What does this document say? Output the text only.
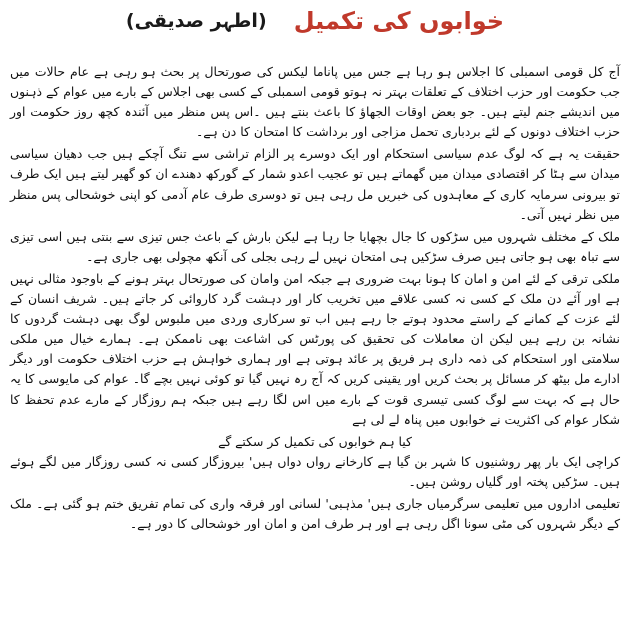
خوابوں کی تکمیل (اطہر صدیقی)

آج کل قومی اسمبلی کا اجلاس ہو رہا ہے جس میں پاناما لیکس کی صورتحال پر بحث ہو رہی ہے عام حالات میں جب حکومت اور حزب اختلاف کے تعلقات بہتر نہ ہوتو قومی اسمبلی کے کسی بھی اجلاس کے بارے میں عوام کے ذہنوں میں اندیشے جنم لیتے ہیں۔ جو بعض اوقات الجھاؤ کا باعث بنتے ہیں ۔اس پس منظر میں آئندہ کچھ روز حکومت اور حزب اختلاف دونوں کے لئے بردباری تحمل مزاجی اور برداشت کا امتحان کا دن ہے۔

حقیقت یہ ہے کہ لوگ عدم سیاسی استحکام اور ایک دوسرے پر الزام تراشی سے تنگ آچکے ہیں جب دھیان سیاسی میدان سے ہٹا کر اقتصادی میدان میں گھماتے ہیں تو عجیب اعدو شمار کے گورکھ دھندے ان کو گھیر لیتے ہیں ایک طرف تو بیرونی سرمایہ کاری کے معاہدوں کی خبریں مل رہی ہیں تو دوسری طرف عام آدمی کو اپنی خوشحالی پس منظر میں نظر نہیں آتی۔

ملک کے مختلف شہروں میں سڑکوں کا جال بچھایا جا رہا ہے لیکن بارش کے باعث جس تیزی سے بنتی ہیں اسی تیزی سے تباہ بھی ہو جاتی ہیں صرف سڑکیں ہی امتحان نہیں لے رہی بجلی کی آنکھ مچولی بھی جاری ہے۔

ملکی ترقی کے لئے امن و امان کا ہونا بہت ضروری ہے جبکہ امن وامان کی صورتحال بہتر ہونے کے باوجود مثالی نہیں ہے اور آئے دن ملک کے کسی نہ کسی علاقے میں تخریب کار اور دہشت گرد کاروائی کر جاتے ہیں۔ شریف انسان کے لئے عزت کے کمانے کے راستے محدود ہوتے جا رہے ہیں اب تو سرکاری وردی میں ملبوس لوگ بھی دہشت گردوں کا نشانہ بن رہے ہیں لیکن ان معاملات کی تحقیق کی پورٹس کی اشاعت بھی ناممکن ہے۔ ہمارے خیال میں ملکی سلامتی اور استحکام کی ذمہ داری ہر فریق پر عائد ہوتی ہے اور ہماری خواہش ہے حزب اختلاف حکومت اور دیگر ادارے مل بیٹھ کر مسائل پر بحث کریں اور یقینی کریں کہ آج رہ نہیں گیا تو کوئی نہیں بچے گا۔ عوام کی مایوسی کا یہ حال ہے کہ بہت سے لوگ کسی تیسری قوت کے بارے میں اس لگا رہے ہیں جبکہ ہم روزگار کے مارے عدم تحفظ کا شکار عوام کی اکثریت نے خوابوں میں پناہ لے لی ہے

کیا ہم خوابوں کی تکمیل کر سکتے گے

کراچی ایک بار پھر روشنیوں کا شہر بن گیا ہے کارخانے رواں دواں ہیں' بیروزگار کسی نہ کسی روزگار میں لگے ہوئے ہیں۔ سڑکیں پختہ اور گلیاں روشن ہیں۔

تعلیمی اداروں میں تعلیمی سرگرمیاں جاری ہیں' مذہبی' لسانی اور فرقہ واری کی تمام تفریق ختم ہو گئی ہے۔ ملک کے دیگر شہروں کی مٹی سونا اگل رہی ہے اور ہر طرف امن و امان اور خوشحالی کا دور ہے۔
